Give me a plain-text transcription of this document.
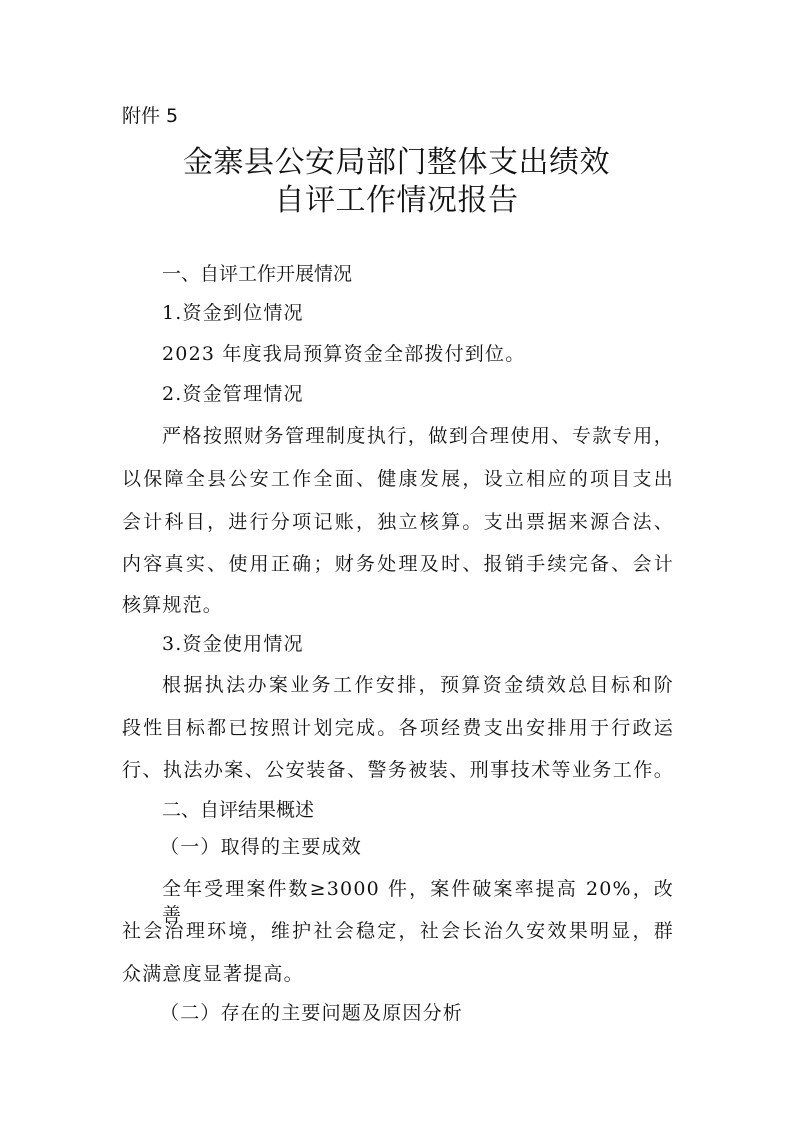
附件 5
金寨县公安局部门整体支出绩效
自评工作情况报告
一、自评工作开展情况
1.资金到位情况
2023 年度我局预算资金全部拨付到位。
2.资金管理情况
严格按照财务管理制度执行，做到合理使用、专款专用，
以保障全县公安工作全面、健康发展，设立相应的项目支出
会计科目，进行分项记账，独立核算。支出票据来源合法、
内容真实、使用正确；财务处理及时、报销手续完备、会计
核算规范。
3.资金使用情况
根据执法办案业务工作安排，预算资金绩效总目标和阶
段性目标都已按照计划完成。各项经费支出安排用于行政运
行、执法办案、公安装备、警务被装、刑事技术等业务工作。
二、自评结果概述
（一）取得的主要成效
全年受理案件数≥3000 件，案件破案率提高 20%，改善
社会治理环境，维护社会稳定，社会长治久安效果明显，群
众满意度显著提高。
（二）存在的主要问题及原因分析
